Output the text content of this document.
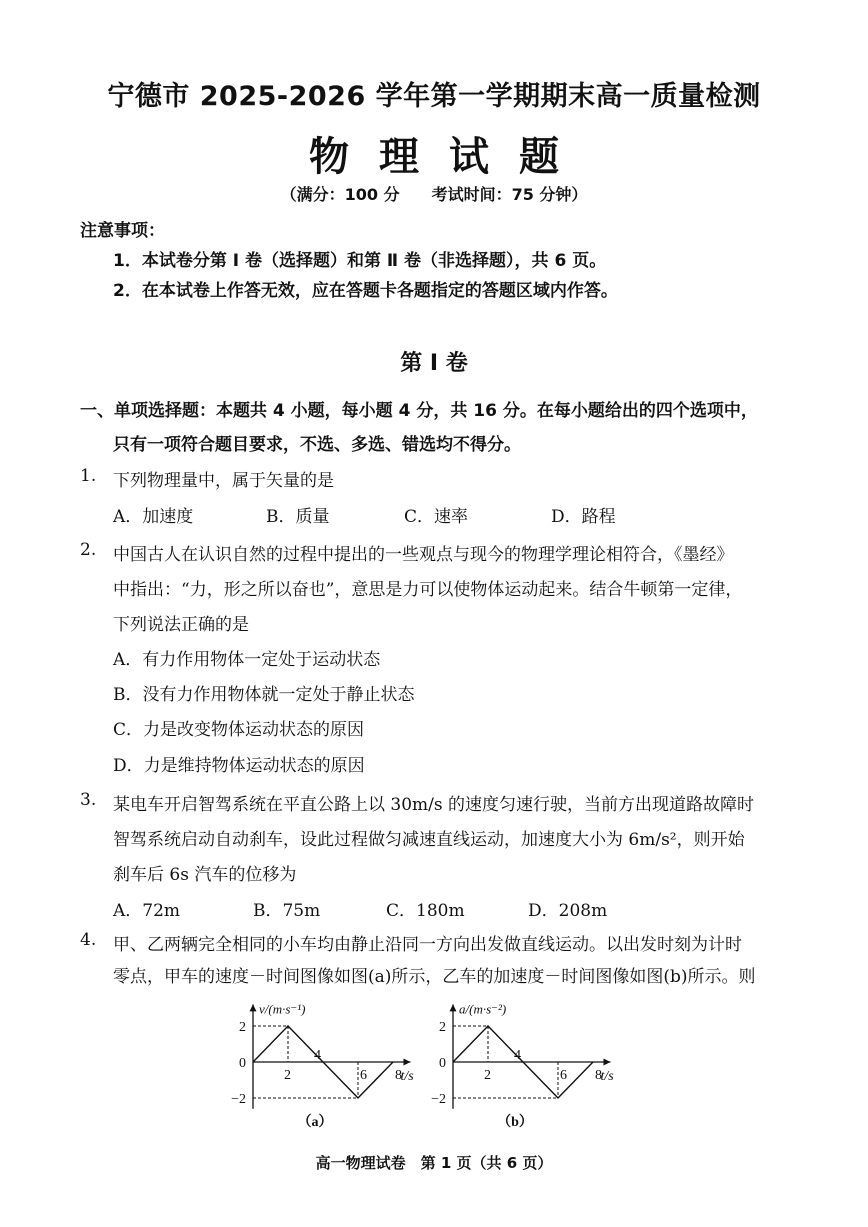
宁德市 2025-2026 学年第一学期期末高一质量检测
物理试题
（满分：100 分　　考试时间：75 分钟）
注意事项：
1．本试卷分第 Ⅰ 卷（选择题）和第 Ⅱ 卷（非选择题），共 6 页。
2．在本试卷上作答无效，应在答题卡各题指定的答题区域内作答。
第 Ⅰ 卷
一、单项选择题：本题共 4 小题，每小题 4 分，共 16 分。在每小题给出的四个选项中，
只有一项符合题目要求，不选、多选、错选均不得分。
1. 下列物理量中，属于矢量的是
A．加速度	B．质量	C．速率	D．路程
2. 中国古人在认识自然的过程中提出的一些观点与现今的物理学理论相符合，《墨经》
中指出：“力，形之所以奋也”，意思是力可以使物体运动起来。结合牛顿第一定律，
下列说法正确的是
A．有力作用物体一定处于运动状态
B．没有力作用物体就一定处于静止状态
C．力是改变物体运动状态的原因
D．力是维持物体运动状态的原因
3. 某电车开启智驾系统在平直公路上以 30m/s 的速度匀速行驶，当前方出现道路故障时
智驾系统启动自动刹车，设此过程做匀减速直线运动，加速度大小为 6m/s²，则开始
刹车后 6s 汽车的位移为
A．72m	B．75m	C．180m	D．208m
4. 甲、乙两辆完全相同的小车均由静止沿同一方向出发做直线运动。以出发时刻为计时
零点，甲车的速度－时间图像如图(a)所示，乙车的加速度－时间图像如图(b)所示。则
v/(m·s⁻¹)
t/s
2
4
6 8
2
0
−2
（a）
a/(m·s⁻²)
t/s
2
4
6 8
2
0
−2
（b）
高一物理试卷　第 1 页（共 6 页）
